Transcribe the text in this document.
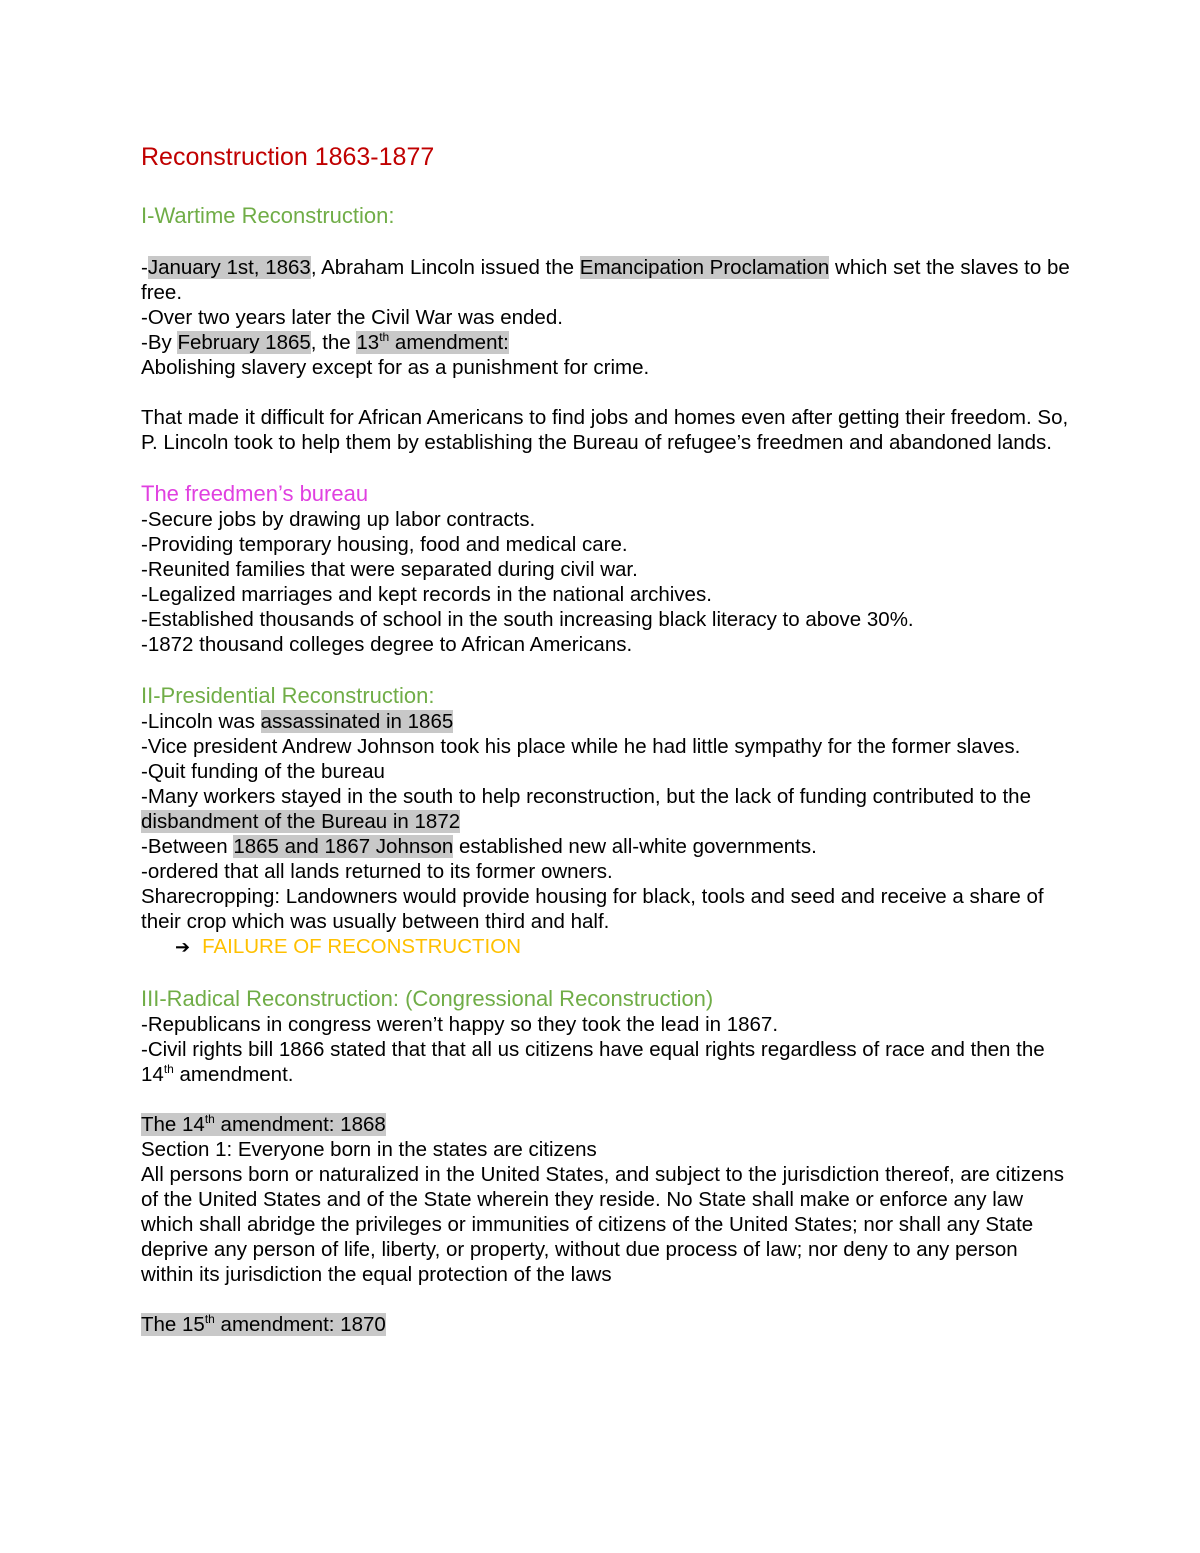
Reconstruction 1863-1877
I-Wartime Reconstruction:

-January 1st, 1863, Abraham Lincoln issued the Emancipation Proclamation which set the slaves to be free.

-Over two years later the Civil War was ended.

-By February 1865, the 13th amendment:

Abolishing slavery except for as a punishment for crime.

That made it difficult for African Americans to find jobs and homes even after getting their freedom. So, P. Lincoln took to help them by establishing the Bureau of refugee’s freedmen and abandoned lands.

The freedmen’s bureau

-Secure jobs by drawing up labor contracts.

-Providing temporary housing, food and medical care.

-Reunited families that were separated during civil war.

-Legalized marriages and kept records in the national archives.

-Established thousands of school in the south increasing black literacy to above 30%.

-1872 thousand colleges degree to African Americans.

II-Presidential Reconstruction:

-Lincoln was assassinated in 1865

-Vice president Andrew Johnson took his place while he had little sympathy for the former slaves.

-Quit funding of the bureau

-Many workers stayed in the south to help reconstruction, but the lack of funding contributed to the disbandment of the Bureau in 1872

-Between 1865 and 1867 Johnson established new all-white governments.

-ordered that all lands returned to its former owners.

Sharecropping: Landowners would provide housing for black, tools and seed and receive a share of their crop which was usually between third and half.

➔ FAILURE OF RECONSTRUCTION

III-Radical Reconstruction: (Congressional Reconstruction)

-Republicans in congress weren’t happy so they took the lead in 1867.

-Civil rights bill 1866 stated that that all us citizens have equal rights regardless of race and then the 14th amendment.

The 14th amendment: 1868

Section 1: Everyone born in the states are citizens

All persons born or naturalized in the United States, and subject to the jurisdiction thereof, are citizens of the United States and of the State wherein they reside. No State shall make or enforce any law which shall abridge the privileges or immunities of citizens of the United States; nor shall any State deprive any person of life, liberty, or property, without due process of law; nor deny to any person within its jurisdiction the equal protection of the laws

The 15th amendment: 1870
